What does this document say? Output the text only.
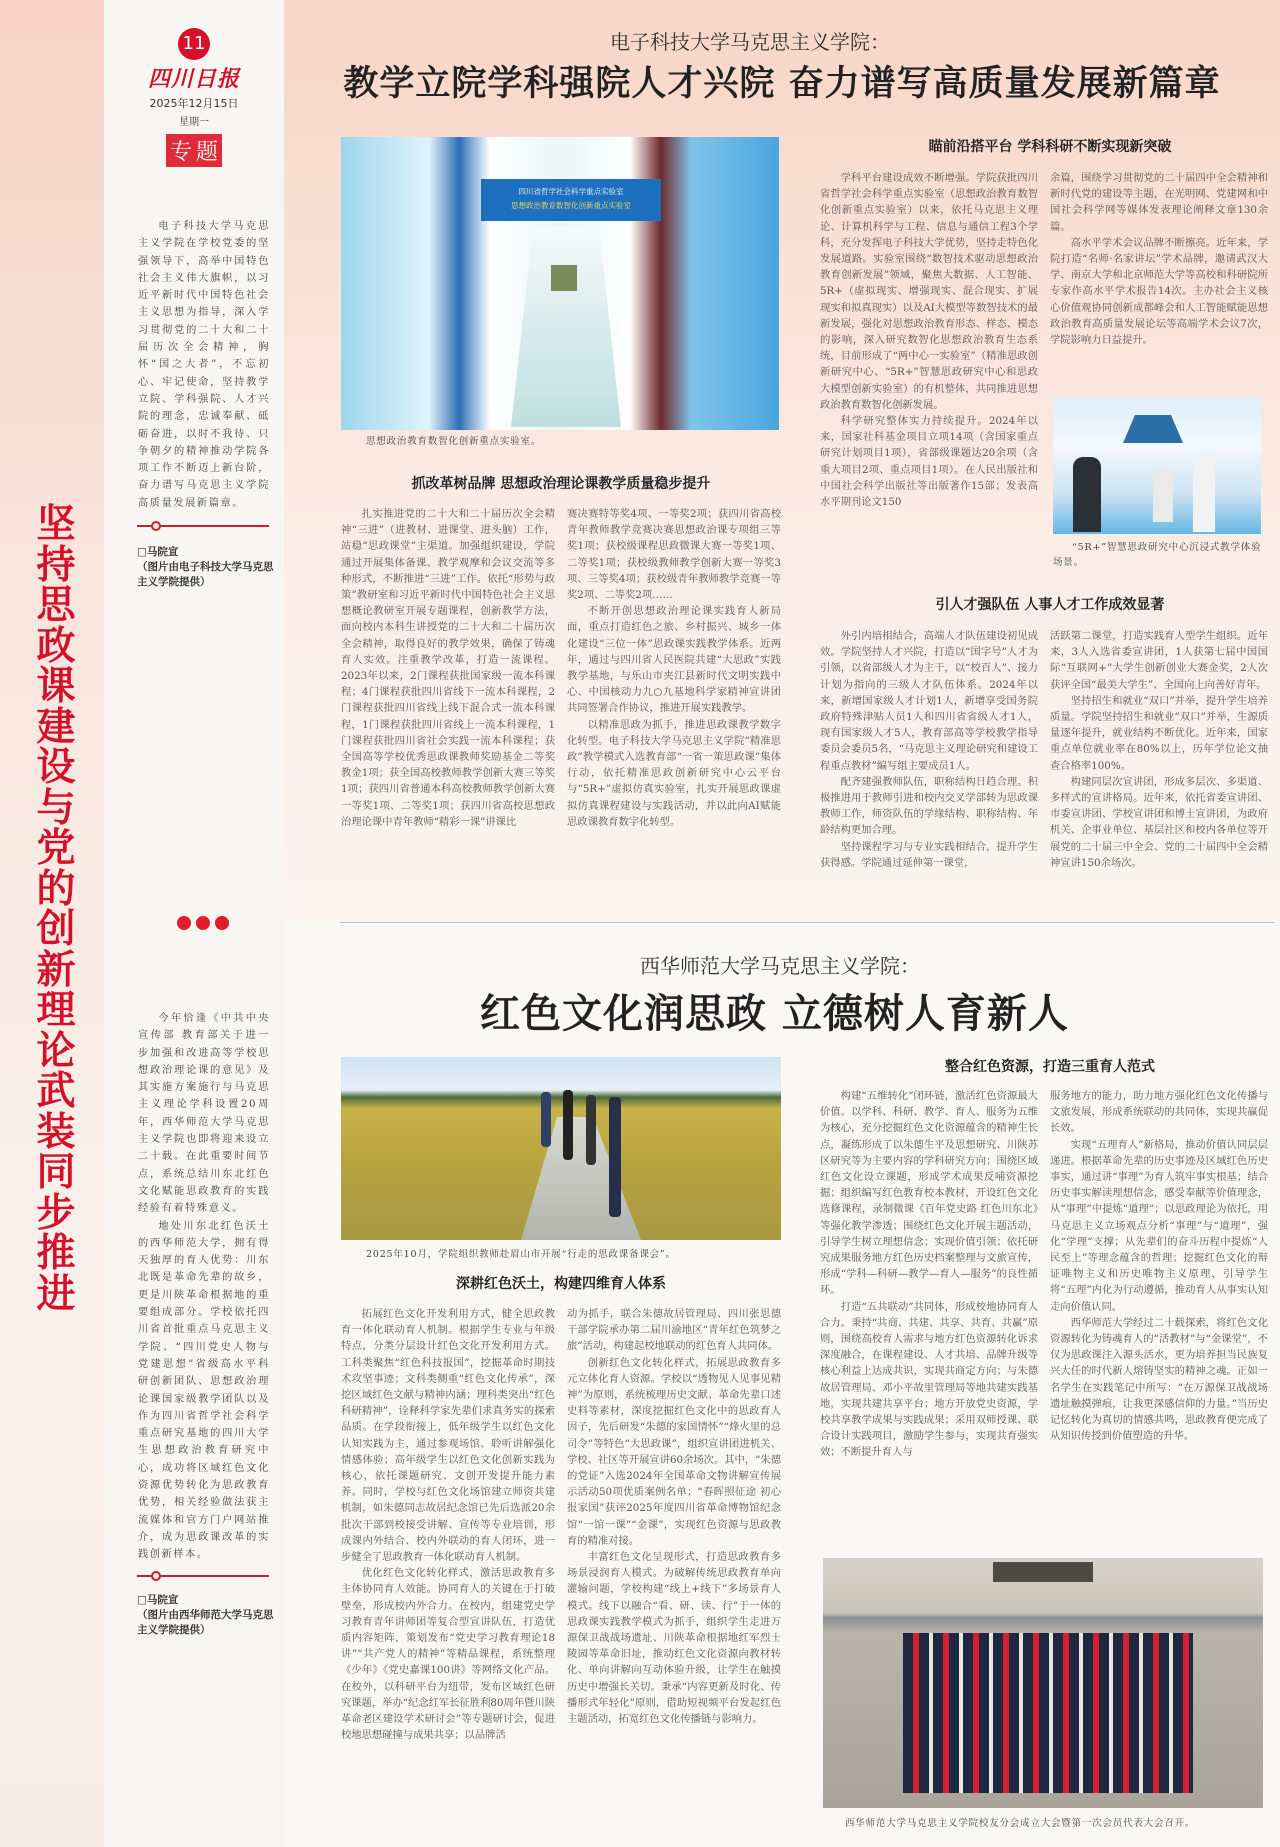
坚
持
思
政
课
建
设
与
党
的
创
新
理
论
武
装
同
步
推
进
11
四川日报
2025年12月15日
星期一
专 题
电子科技大学马克思主义学院在学校党委的坚强领导下，高举中国特色社会主义伟大旗帜，以习近平新时代中国特色社会主义思想为指导，深入学习贯彻党的二十大和二十届历次全会精神，胸怀“国之大者”，不忘初心、牢记使命，坚持教学立院、学科强院、人才兴院的理念，忠诚奉献、砥砺奋进，以时不我待、只争朝夕的精神推动学院各项工作不断迈上新台阶，奋力谱写马克思主义学院高质量发展新篇章。
□马院宣
（图片由电子科技大学马克思主义学院提供）

今年恰逢《中共中央宣传部 教育部关于进一步加强和改进高等学校思想政治理论课的意见》及其实施方案施行与马克思主义理论学科设置20周年，西华师范大学马克思主义学院也即将迎来设立二十载。在此重要时间节点，系统总结川东北红色文化赋能思政教育的实践经验有着特殊意义。

地处川东北红色沃土的西华师范大学，拥有得天独厚的育人优势：川东北既是革命先辈的故乡，更是川陕革命根据地的重要组成部分。学校依托四川省首批重点马克思主义学院、“四川党史人物与党建思想”省级高水平科研创新团队、思想政治理论课国家级教学团队以及作为四川省哲学社会科学重点研究基地的四川大学生思想政治教育研究中心，成功将区域红色文化资源优势转化为思政教育优势，相关经验做法获主流媒体和官方门户网站推介，成为思政课改革的实践创新样本。

□马院宣
（图片由西华师范大学马克思主义学院提供）
电子科技大学马克思主义学院：
教学立院学科强院人才兴院 奋力谱写高质量发展新篇章
四川省哲学社会科学重点实验室
思想政治教育数智化创新重点实验室
思想政治教育数智化创新重点实验室。
抓改革树品牌 思想政治理论课教学质量稳步提升

扎实推进党的二十大和二十届历次全会精神“三进”（进教材、进课堂、进头脑）工作，站稳“思政课堂”主渠道。加强组织建设，学院通过开展集体备课、教学观摩和会议交流等多种形式，不断推进“三进”工作。依托“形势与政策”教研室和习近平新时代中国特色社会主义思想概论教研室开展专题课程，创新教学方法，面向校内本科生讲授党的二十大和二十届历次全会精神，取得良好的教学效果，确保了铸魂育人实效。注重教学改革，打造一流课程。2023年以来，2门课程获批国家级一流本科课程；4门课程获批四川省线下一流本科课程，2门课程获批四川省线上线下混合式一流本科课程，1门课程获批四川省线上一流本科课程，1门课程获批四川省社会实践一流本科课程；获全国高等学校优秀思政课教师奖励基金二等奖教金1项；获全国高校教师教学创新大赛三等奖1项；获四川省普通本科高校教师教学创新大赛一等奖1项、二等奖1项；获四川省高校思想政治理论课中青年教师“精彩一课”讲课比

赛决赛特等奖4项、一等奖2项；获四川省高校青年教师教学竞赛决赛思想政治课专项组三等奖1项；获校级课程思政微课大赛一等奖1项、二等奖1项；获校级教师教学创新大赛一等奖3项、三等奖4项；获校级青年教师教学竞赛一等奖2项、二等奖2项……

不断开创思想政治理论课实践育人新局面，重点打造红色之旅、乡村振兴、城乡一体化建设“三位一体”思政课实践教学体系。近两年，通过与四川省人民医院共建“大思政”实践教学基地，与乐山市夹江县新时代文明实践中心、中国核动力九○九基地科学家精神宣讲团共同签署合作协议，推进开展实践教学。

以精准思政为抓手，推进思政课教学数字化转型。电子科技大学马克思主义学院“精准思政”教学模式入选教育部“一省一策思政课”集体行动，依托精准思政创新研究中心云平台与“5R+”虚拟仿真实验室，扎实开展思政课虚拟仿真课程建设与实践活动，并以此向AI赋能思政课教育数字化转型。

瞄前沿搭平台 学科科研不断实现新突破

学科平台建设成效不断增强。学院获批四川省哲学社会科学重点实验室（思想政治教育数智化创新重点实验室）以来，依托马克思主义理论、计算机科学与工程、信息与通信工程3个学科，充分发挥电子科技大学优势，坚持走特色化发展道路。实验室围绕“数智技术驱动思想政治教育创新发展”领域，聚焦大数据、人工智能、5R+（虚拟现实、增强现实、混合现实、扩展现实和拟真现实）以及AI大模型等数智技术的最新发展，强化对思想政治教育形态、样态、模态的影响，深入研究数智化思想政治教育生态系统，目前形成了“两中心一实验室”（精准思政创新研究中心、“5R+”智慧思政研究中心和思政大模型创新实验室）的有机整体，共同推进思想政治教育数智化创新发展。

科学研究整体实力持续提升。2024年以来，国家社科基金项目立项14项（含国家重点研究计划项目1项），省部级课题达20余项（含重大项目2项、重点项目1项）。在人民出版社和中国社会科学出版社等出版著作15部；发表高水平期刊论文150

余篇，围绕学习贯彻党的二十届四中全会精神和新时代党的建设等主题，在光明网、党建网和中国社会科学网等媒体发表理论阐释文章130余篇。

高水平学术会议品牌不断擦亮。近年来，学院打造“名师·名家讲坛”学术品牌，邀请武汉大学、南京大学和北京师范大学等高校和科研院所专家作高水平学术报告14次。主办社会主义核心价值观协同创新成都峰会和人工智能赋能思想政治教育高质量发展论坛等高端学术会议7次，学院影响力日益提升。

“5R+”智慧思政研究中心沉浸式教学体验场景。
引人才强队伍 人事人才工作成效显著

外引内培相结合，高端人才队伍建设初见成效。学院坚持人才兴院，打造以“国字号”人才为引领，以省部级人才为主干，以“校百人”、接力计划为指向的三级人才队伍体系。2024年以来，新增国家级人才计划1人，新增享受国务院政府特殊津贴人员1人和四川省省级人才1人，现有国家级人才5人，教育部高等学校教学指导委员会委员5名，“马克思主义理论研究和建设工程重点教材”编写组主要成员1人。

配齐建强教师队伍，职称结构日趋合理。积极推进用于教师引进和校内交叉学部转为思政课教师工作，师资队伍的学缘结构、职称结构、年龄结构更加合理。

坚持课程学习与专业实践相结合，提升学生获得感。学院通过延伸第一课堂，

活跃第二课堂，打造实践育人型学生组织。近年来，3人入选省委宣讲团，1人获第七届中国国际“互联网+”大学生创新创业大赛金奖，2人次获评全国“最美大学生”、全国向上向善好青年。

坚持招生和就业“双口”并举，提升学生培养质量。学院坚持招生和就业“双口”并举，生源质量逐年提升，就业结构不断优化。近年来，国家重点单位就业率在80%以上，历年学位论文抽查合格率100%。

构建同层次宣讲团，形成多层次、多渠道、多样式的宣讲格局。近年来，依托省委宣讲团、市委宣讲团、学校宣讲团和博士宣讲团，为政府机关、企事业单位、基层社区和校内各单位等开展党的二十届三中全会、党的二十届四中全会精神宣讲150余场次。

西华师范大学马克思主义学院：
红色文化润思政 立德树人育新人
2025年10月，学院组织教师赴眉山市开展“行走的思政课备课会”。
深耕红色沃土，构建四维育人体系

拓展红色文化开发利用方式，健全思政教育一体化联动育人机制。根据学生专业与年级特点，分类分层设计红色文化开发利用方式。工科类聚焦“红色科技报国”，挖掘革命时期技术攻坚事迹；文科类侧重“红色文化传承”，深挖区域红色文献与精神内涵；理科类突出“红色科研精神”，诠释科学家先辈们求真务实的探索品质。在学段衔接上，低年级学生以红色文化认知实践为主，通过参观场馆、聆听讲解强化情感体验；高年级学生以红色文化创新实践为核心，依托课题研究、文创开发提升能力素养。同时，学校与红色文化场馆建立师资共建机制，如朱德同志故居纪念馆已先后选派20余批次干部到校接受讲解、宣传等专业培训，形成课内外结合、校内外联动的育人闭环，进一步健全了思政教育一体化联动育人机制。

优化红色文化转化样式，激活思政教育多主体协同育人效能。协同育人的关键在于打破壁垒，形成校内外合力。在校内，组建党史学习教育青年讲师团等复合型宣讲队伍，打造优质内容矩阵，策划发布“党史学习教育理论18讲”“共产党人的精神”等精品课程，系统整理《少年》《党史嘉课100讲》等网络文化产品。在校外，以科研平台为纽带，发布区域红色研究课题，举办“纪念红军长征胜利80周年暨川陕革命老区建设学术研讨会”等专题研讨会，促进校地思想碰撞与成果共享；以品牌活

动为抓手，联合朱德故居管理局、四川张思德干部学院承办第二届川渝地区“青年红色筑梦之旅”活动，构建起校地联动的红色育人共同体。

创新红色文化转化样式，拓展思政教育多元立体化育人资源。学校以“透物见人见事见精神”为原则，系统梳理历史文献、革命先辈口述史料等素材，深度挖掘红色文化中的思政育人因子，先后研发“朱德的家国情怀”“烽火里的总司令”等特色“大思政课”，组织宣讲团进机关、学校、社区等开展宣讲60余场次。其中，“朱德的党证”入选2024年全国革命文物讲解宣传展示活动50项优质案例名单；“春晖照征途 初心报家国”获评2025年度四川省革命博物馆纪念馆“一馆一课”“金课”，实现红色资源与思政教育的精准对接。

丰富红色文化呈现形式，打造思政教育多场景浸润育人模式。为破解传统思政教育单向灌输问题，学校构建“线上+线下”多场景育人模式。线下以融合“看、研、读、行”于一体的思政课实践教学模式为抓手，组织学生走进万源保卫战战场遗址、川陕革命根据地红军烈士陵园等革命旧址，推动红色文化资源向教材转化、单向讲解向互动体验升级，让学生在触摸历史中增强长关切。秉承“内容更新及时化、传播形式年轻化”原则，借助短视频平台发起红色主题活动，拓宽红色文化传播链与影响力。

整合红色资源，打造三重育人范式

构建“五维转化”闭环链，激活红色资源最大价值。以学科、科研、教学、育人、服务为五维为核心，充分挖掘红色文化资源蕴含的精神生长点，凝练形成了以朱德生平及思想研究、川陕苏区研究等为主要内容的学科研究方向；围绕区域红色文化设立课题，形成学术成果反哺资源挖掘；组织编写红色教育校本教材，开设红色文化选修课程，录制微课《百年党史路 红色川东北》等强化教学渗透；围绕红色文化开展主题活动，引导学生树立理想信念；实现价值引领；依托研究成果服务地方红色历史档案整理与文旅宣传，形成“学科—科研—教学—育人—服务”的良性循环。

打造“五共联动”共同体，形成校地协同育人合力。秉持“共商、共建、共享、共育、共赢”原则，围绕高校育人需求与地方红色资源转化诉求深度融合，在课程建设、人才共培、品牌升级等核心利益上达成共识，实现共商定方向；与朱德故居管理局、邓小平故里管理局等地共建实践基地，实现共建共享平台；地方开放党史资源，学校共享教学成果与实践成果；采用双师授课、联合设计实践项目，激励学生参与，实现共育强实效；不断提升育人与

服务地方的能力，助力地方强化红色文化传播与文旅发展，形成系统联动的共同体，实现共赢促长效。

实现“五理育人”新格局，推动价值认同层层递进。根据革命先辈的历史事迹及区域红色历史事实，通过讲“事理”为育人筑牢事实根基；结合历史事实解读理想信念，感受奉献等价值理念，从“事理”中提炼“道理”；以思政理论为依托，用马克思主义立场观点分析“事理”与“道理”，强化“学理”支撑；从先辈们的奋斗历程中提炼“人民至上”等理念蕴含的哲理；挖掘红色文化的辩证唯物主义和历史唯物主义原理，引导学生将“五理”内化为行动遵循，推动育人从事实认知走向价值认同。

西华师范大学经过二十载探索，将红色文化资源转化为铸魂育人的“活教材”与“金课堂”，不仅为思政课注入源头活水，更为培养担当民族复兴大任的时代新人熔铸坚实的精神之魂。正如一名学生在实践笔记中所写：“在万源保卫战战场遗址触摸弹痕，让我更深感信仰的力量。”当历史记忆转化为真切的情感共鸣，思政教育便完成了从知识传授到价值塑造的升华。

西华师范大学马克思主义学院校友分会成立大会暨第一次会员代表大会召开。
